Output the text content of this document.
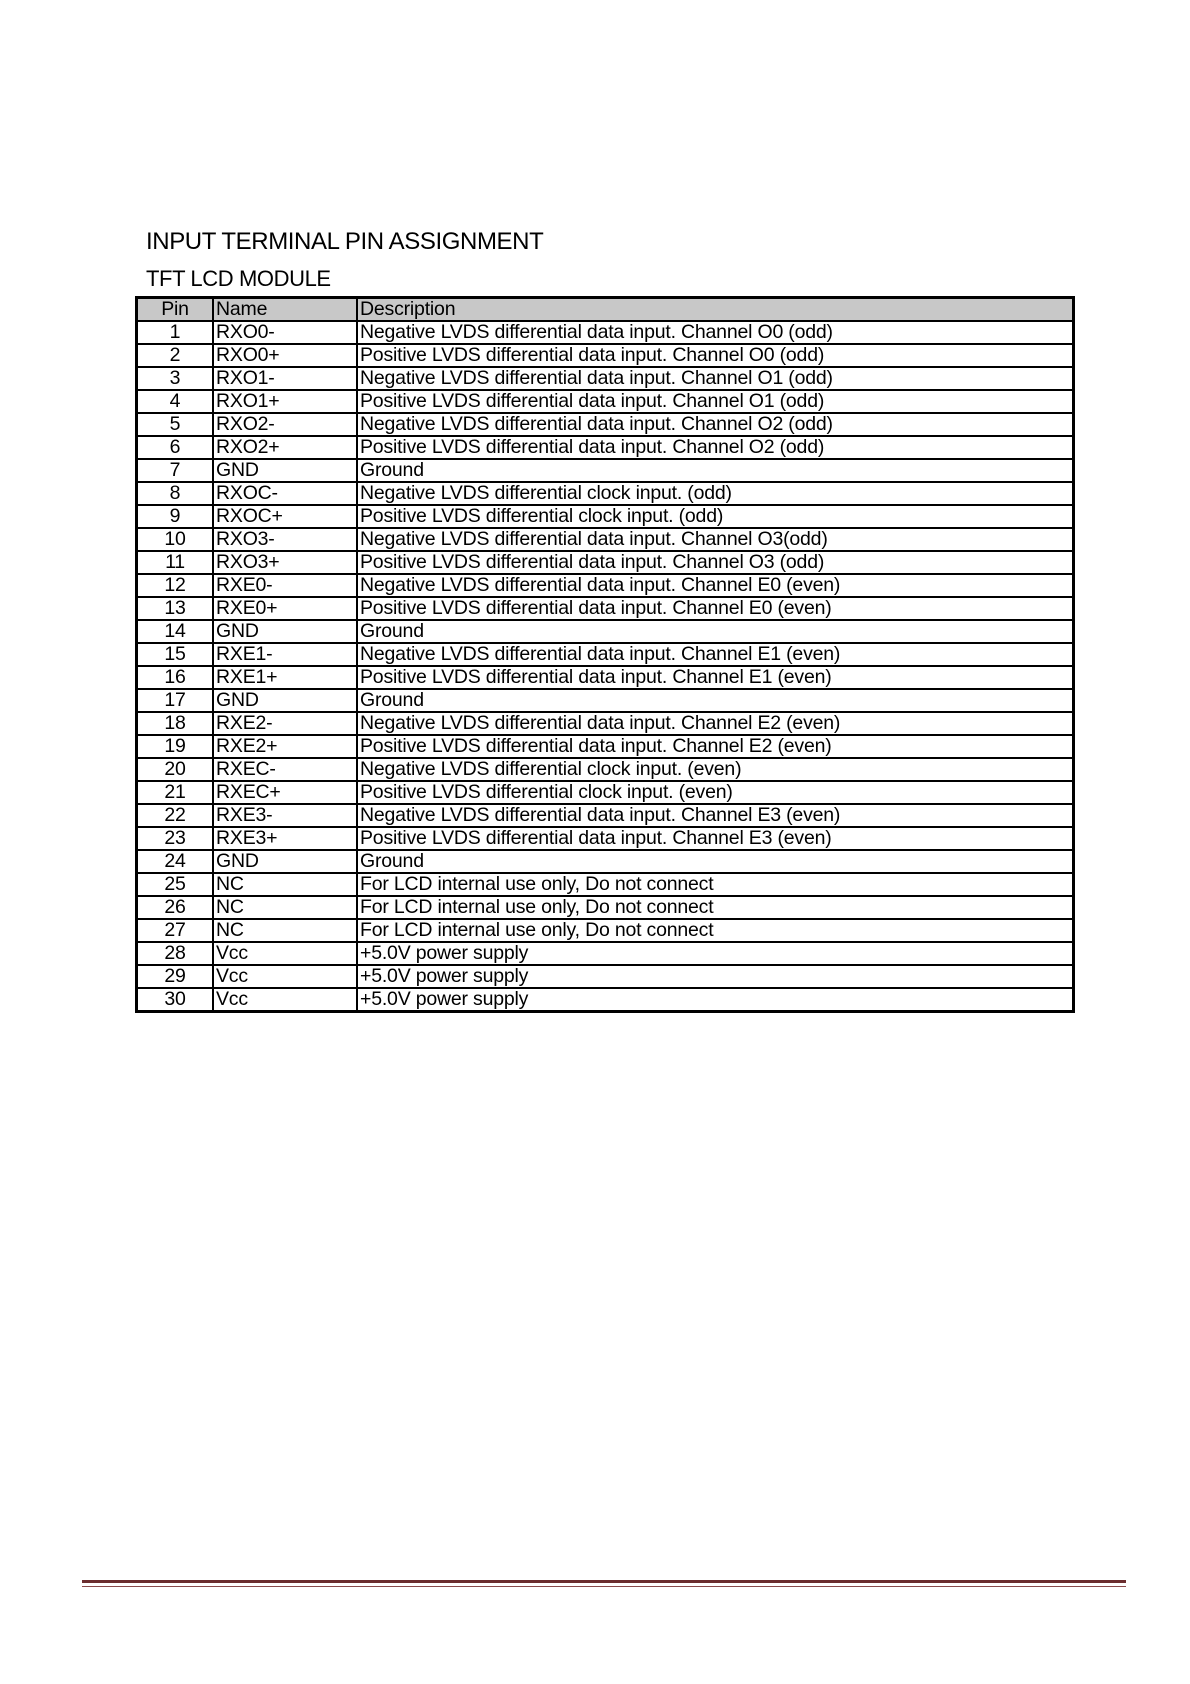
INPUT TERMINAL PIN ASSIGNMENT
TFT LCD MODULE
Pin	Name	Description
1	RXO0-	Negative LVDS differential data input. Channel O0 (odd)
2	RXO0+	Positive LVDS differential data input. Channel O0 (odd)
3	RXO1-	Negative LVDS differential data input. Channel O1 (odd)
4	RXO1+	Positive LVDS differential data input. Channel O1 (odd)
5	RXO2-	Negative LVDS differential data input. Channel O2 (odd)
6	RXO2+	Positive LVDS differential data input. Channel O2 (odd)
7	GND	Ground
8	RXOC-	Negative LVDS differential clock input. (odd)
9	RXOC+	Positive LVDS differential clock input. (odd)
10	RXO3-	Negative LVDS differential data input. Channel O3(odd)
11	RXO3+	Positive LVDS differential data input. Channel O3 (odd)
12	RXE0-	Negative LVDS differential data input. Channel E0 (even)
13	RXE0+	Positive LVDS differential data input. Channel E0 (even)
14	GND	Ground
15	RXE1-	Negative LVDS differential data input. Channel E1 (even)
16	RXE1+	Positive LVDS differential data input. Channel E1 (even)
17	GND	Ground
18	RXE2-	Negative LVDS differential data input. Channel E2 (even)
19	RXE2+	Positive LVDS differential data input. Channel E2 (even)
20	RXEC-	Negative LVDS differential clock input. (even)
21	RXEC+	Positive LVDS differential clock input. (even)
22	RXE3-	Negative LVDS differential data input. Channel E3 (even)
23	RXE3+	Positive LVDS differential data input. Channel E3 (even)
24	GND	Ground
25	NC	For LCD internal use only, Do not connect
26	NC	For LCD internal use only, Do not connect
27	NC	For LCD internal use only, Do not connect
28	Vcc	+5.0V power supply
29	Vcc	+5.0V power supply
30	Vcc	+5.0V power supply
